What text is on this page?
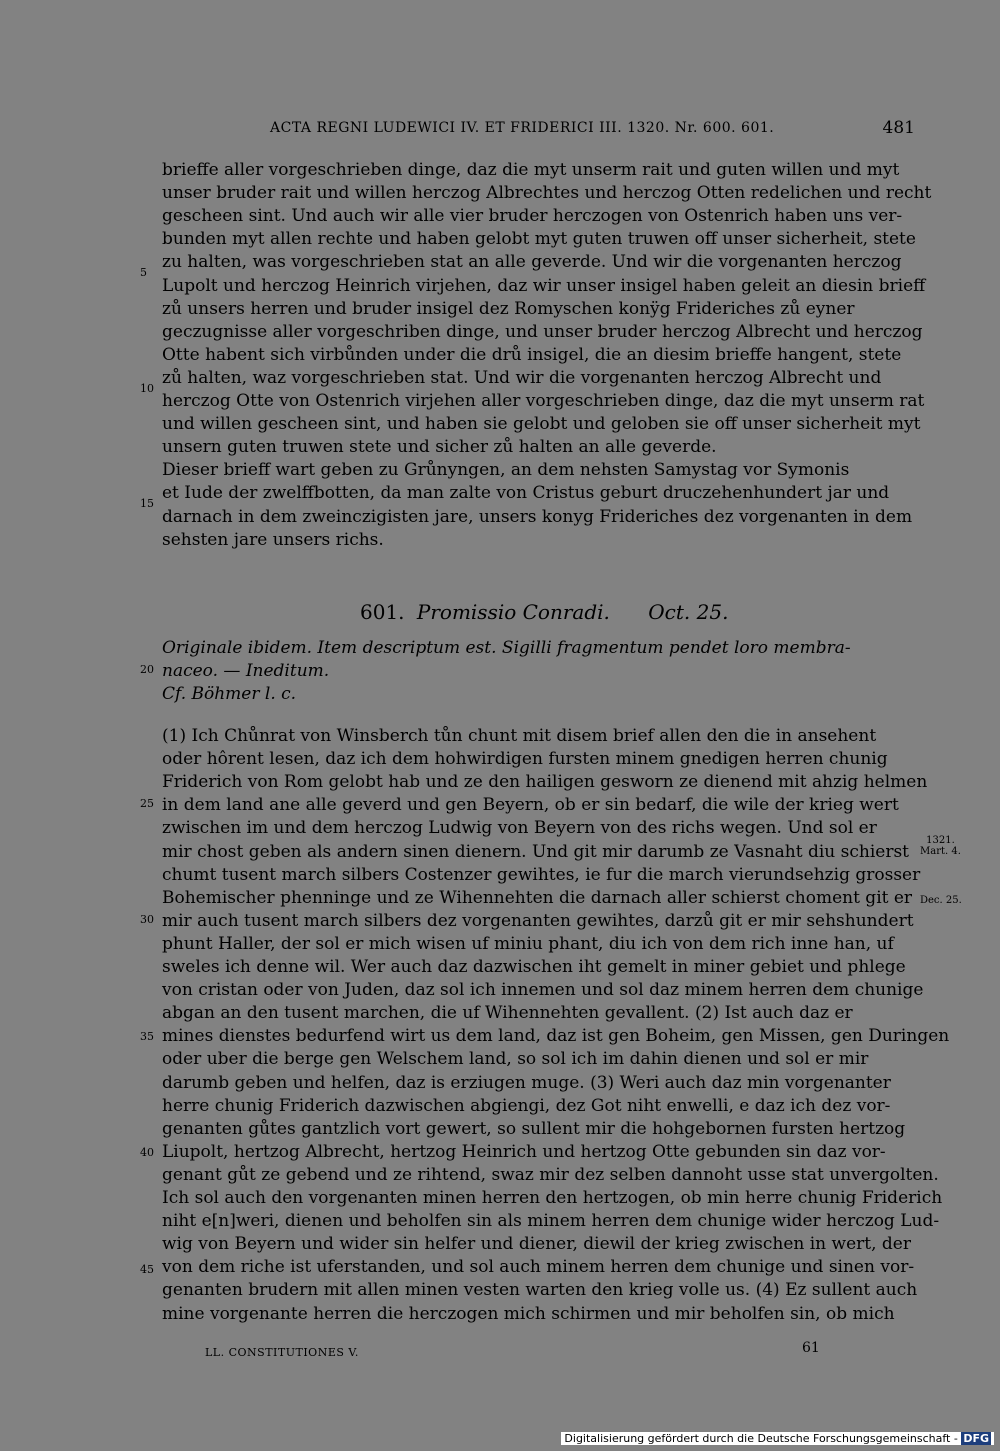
ACTA REGNI LUDEWICI IV. ET FRIDERICI III. 1320. Nr. 600. 601.	481
brieffe aller vorgeschrieben dinge, daz die myt unserm rait und guten willen und myt
unser bruder rait und willen herczog Albrechtes und herczog Otten redelichen und recht
gescheen sint. Und auch wir alle vier bruder herczogen von Ostenrich haben uns ver-
bunden myt allen rechte und haben gelobt myt guten truwen off unser sicherheit, stete
zu halten, was vorgeschrieben stat an alle geverde. Und wir die vorgenanten herczog
Lupolt und herczog Heinrich virjehen, daz wir unser insigel haben geleit an diesin brieff
zů unsers herren und bruder insigel dez Romyschen konÿg Frideriches zů eyner
geczugnisse aller vorgeschriben dinge, und unser bruder herczog Albrecht und herczog
Otte habent sich virbůnden under die drů insigel, die an diesim brieffe hangent, stete
zů halten, waz vorgeschrieben stat. Und wir die vorgenanten herczog Albrecht und
herczog Otte von Ostenrich virjehen aller vorgeschrieben dinge, daz die myt unserm rat
und willen gescheen sint, und haben sie gelobt und geloben sie off unser sicherheit myt
unsern guten truwen stete und sicher zů halten an alle geverde.
Dieser brieff wart geben zu Grůnyngen, an dem nehsten Samystag vor Symonis
et Iude der zwelffbotten, da man zalte von Cristus geburt druczehenhundert jar und
darnach in dem zweinczigisten jare, unsers konyg Frideriches dez vorgenanten in dem
sehsten jare unsers richs.
601. Promissio Conradi. Oct. 25.
Originale ibidem. Item descriptum est. Sigilli fragmentum pendet loro membra-
naceo. — Ineditum.
Cf. Böhmer l. c.
(1) Ich Chůnrat von Winsberch tůn chunt mit disem brief allen den die in ansehent
oder hôrent lesen, daz ich dem hohwirdigen fursten minem gnedigen herren chunig
Friderich von Rom gelobt hab und ze den hailigen gesworn ze dienend mit ahzig helmen
in dem land ane alle geverd und gen Beyern, ob er sin bedarf, die wile der krieg wert
zwischen im und dem herczog Ludwig von Beyern von des richs wegen. Und sol er
mir chost geben als andern sinen dienern. Und git mir darumb ze Vasnaht diu schierst
chumt tusent march silbers Costenzer gewihtes, ie fur die march vierundsehzig grosser
Bohemischer phenninge und ze Wihennehten die darnach aller schierst choment git er
mir auch tusent march silbers dez vorgenanten gewihtes, darzů git er mir sehshundert
phunt Haller, der sol er mich wisen uf miniu phant, diu ich von dem rich inne han, uf
sweles ich denne wil. Wer auch daz dazwischen iht gemelt in miner gebiet und phlege
von cristan oder von Juden, daz sol ich innemen und sol daz minem herren dem chunige
abgan an den tusent marchen, die uf Wihennehten gevallent. (2) Ist auch daz er
mines dienstes bedurfend wirt us dem land, daz ist gen Boheim, gen Missen, gen Duringen
oder uber die berge gen Welschem land, so sol ich im dahin dienen und sol er mir
darumb geben und helfen, daz is erziugen muge. (3) Weri auch daz min vorgenanter
herre chunig Friderich dazwischen abgiengi, dez Got niht enwelli, e daz ich dez vor-
genanten gůtes gantzlich vort gewert, so sullent mir die hohgebornen fursten hertzog
Liupolt, hertzog Albrecht, hertzog Heinrich und hertzog Otte gebunden sin daz vor-
genant gůt ze gebend und ze rihtend, swaz mir dez selben dannoht usse stat unvergolten.
Ich sol auch den vorgenanten minen herren den hertzogen, ob min herre chunig Friderich
niht e[n]weri, dienen und beholfen sin als minem herren dem chunige wider herczog Lud-
wig von Beyern und wider sin helfer und diener, diewil der krieg zwischen in wert, der
von dem riche ist uferstanden, und sol auch minem herren dem chunige und sinen vor-
genanten brudern mit allen minen vesten warten den krieg volle us. (4) Ez sullent auch
mine vorgenante herren die herczogen mich schirmen und mir beholfen sin, ob mich
5
10
15
20
25
30
35
40
45
1321.
Mart. 4.
Dec. 25.
LL. CONSTITUTIONES V.	61
Digitalisierung gefördert durch die Deutsche Forschungsgemeinschaft - DFG
